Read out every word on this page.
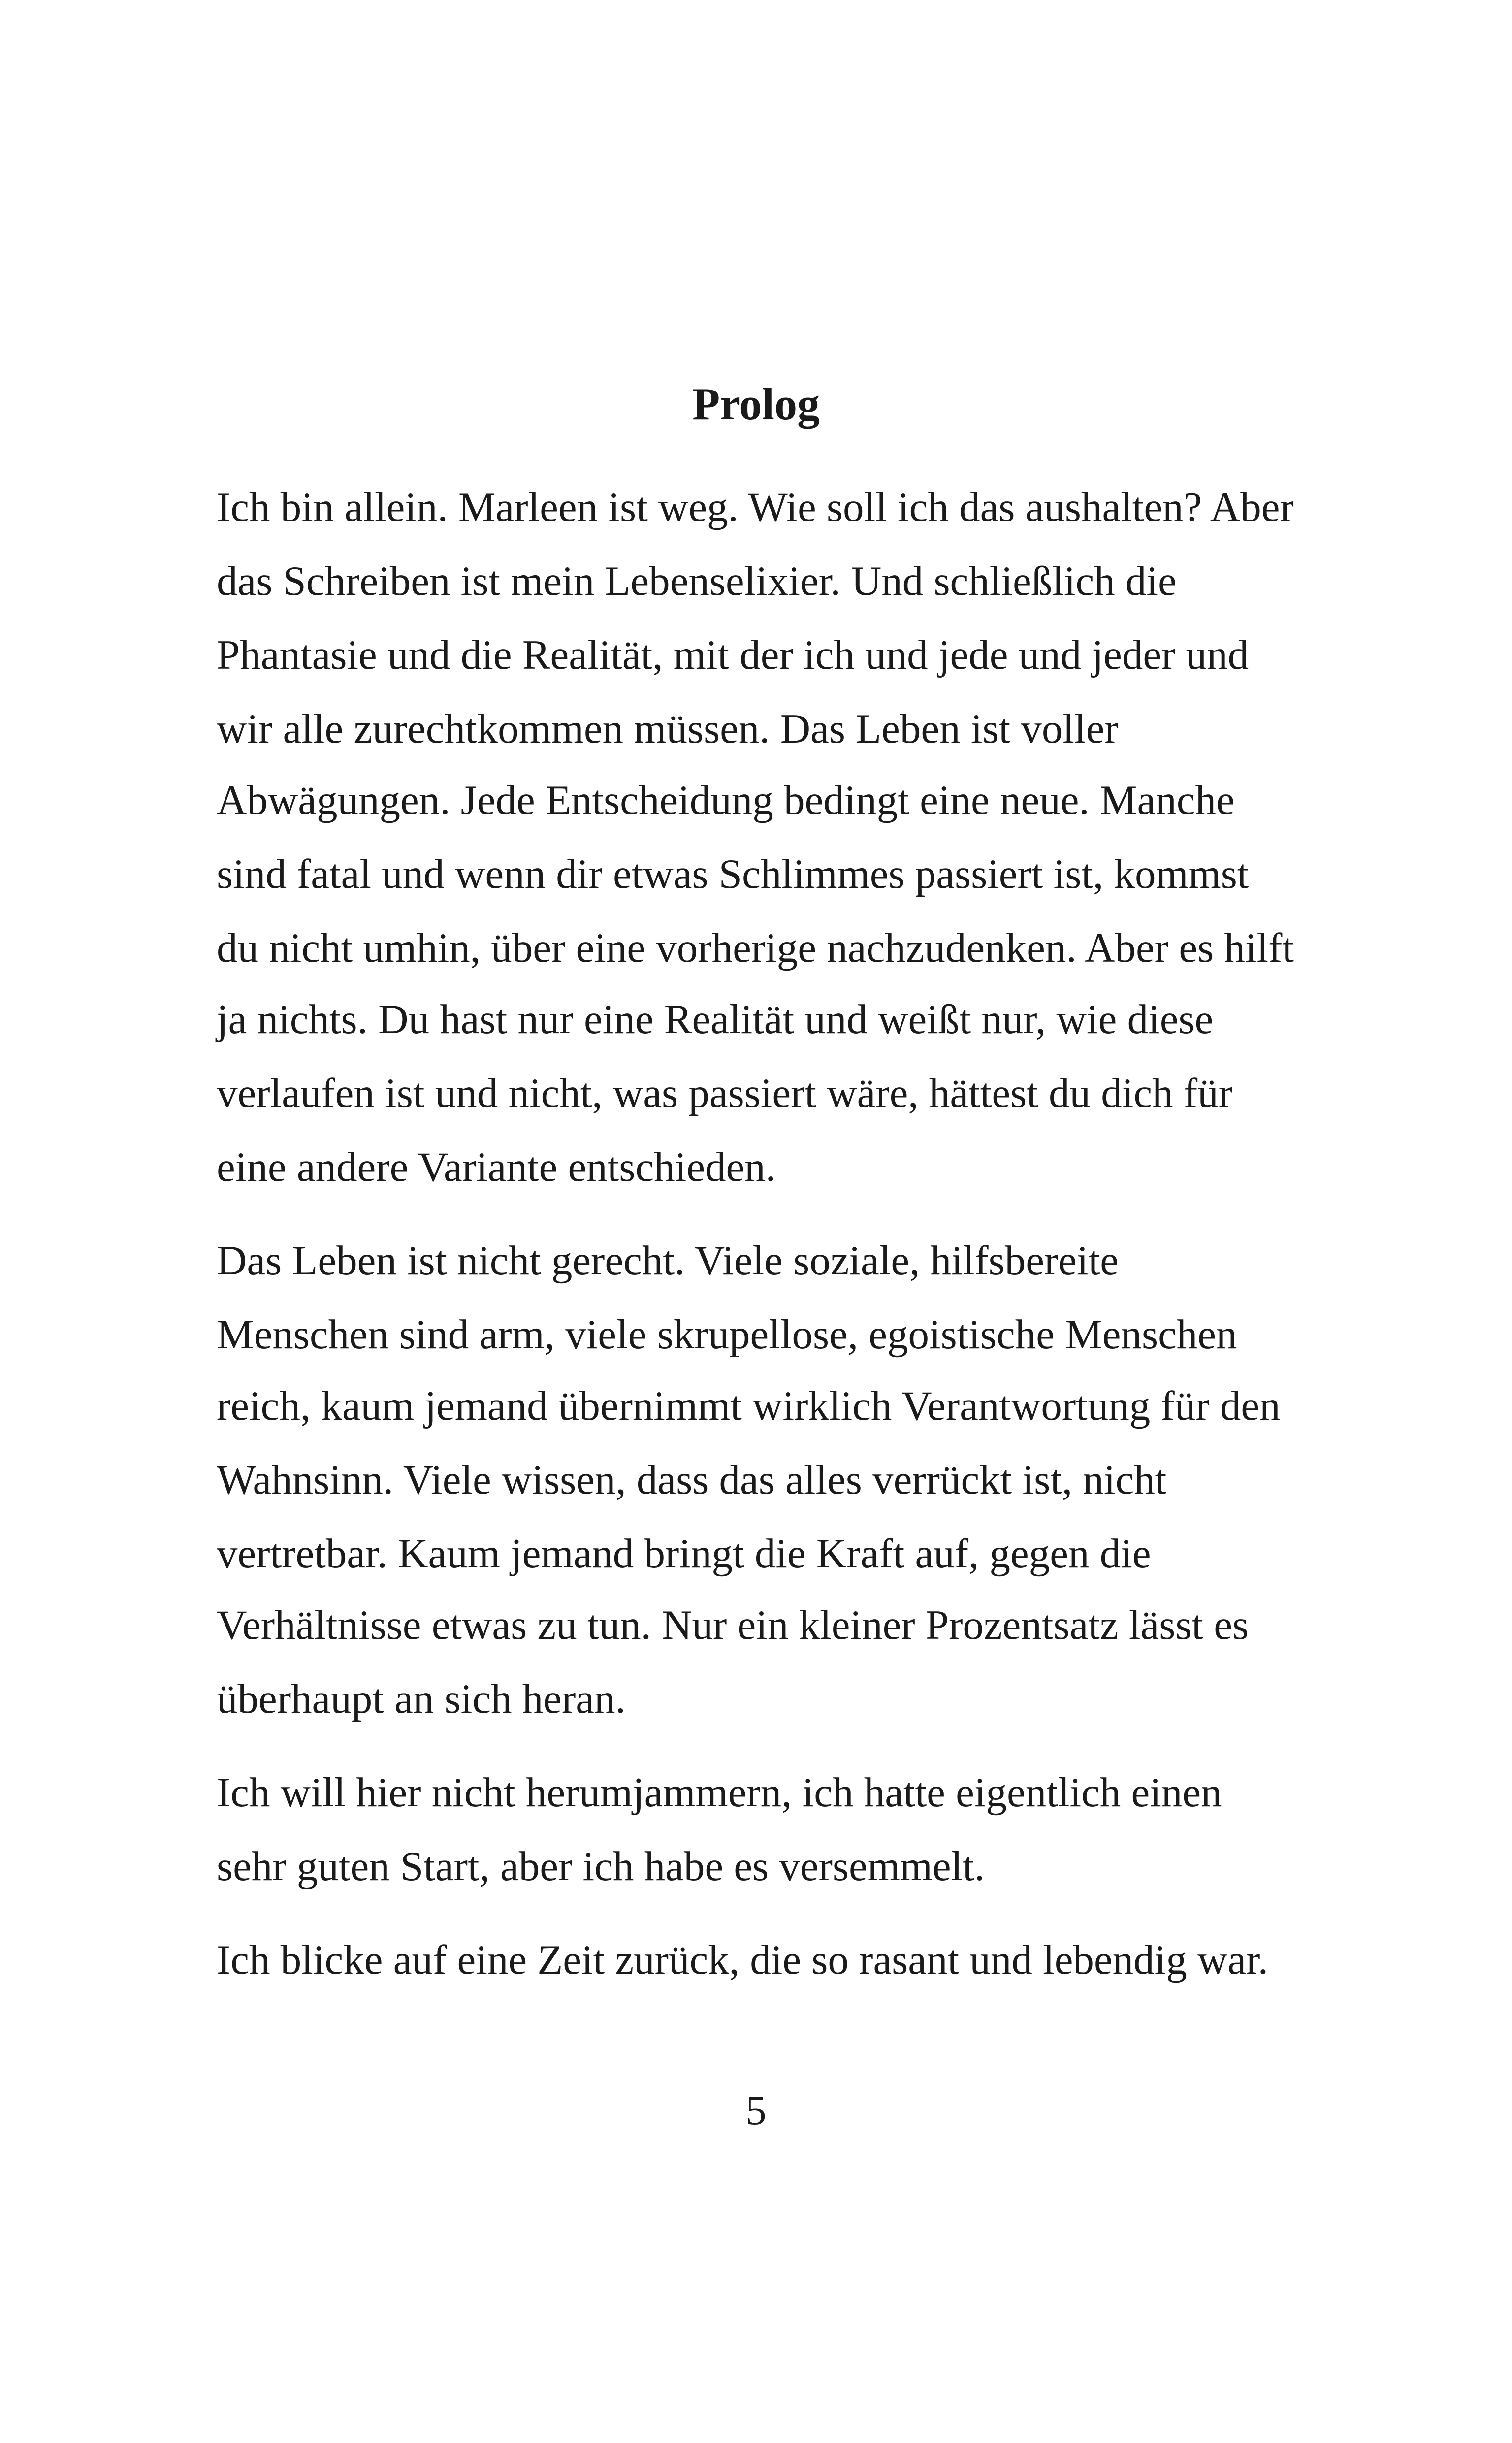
Prolog

Ich bin allein. Marleen ist weg. Wie soll ich das aushalten? Aber

das Schreiben ist mein Lebenselixier. Und schließlich die

Phantasie und die Realität, mit der ich und jede und jeder und

wir alle zurechtkommen müssen. Das Leben ist voller

Abwägungen. Jede Entscheidung bedingt eine neue. Manche

sind fatal und wenn dir etwas Schlimmes passiert ist, kommst

du nicht umhin, über eine vorherige nachzudenken. Aber es hilft

ja nichts. Du hast nur eine Realität und weißt nur, wie diese

verlaufen ist und nicht, was passiert wäre, hättest du dich für

eine andere Variante entschieden.

Das Leben ist nicht gerecht. Viele soziale, hilfsbereite

Menschen sind arm, viele skrupellose, egoistische Menschen

reich, kaum jemand übernimmt wirklich Verantwortung für den

Wahnsinn. Viele wissen, dass das alles verrückt ist, nicht

vertretbar. Kaum jemand bringt die Kraft auf, gegen die

Verhältnisse etwas zu tun. Nur ein kleiner Prozentsatz lässt es

überhaupt an sich heran.

Ich will hier nicht herumjammern, ich hatte eigentlich einen

sehr guten Start, aber ich habe es versemmelt.

Ich blicke auf eine Zeit zurück, die so rasant und lebendig war.

5
